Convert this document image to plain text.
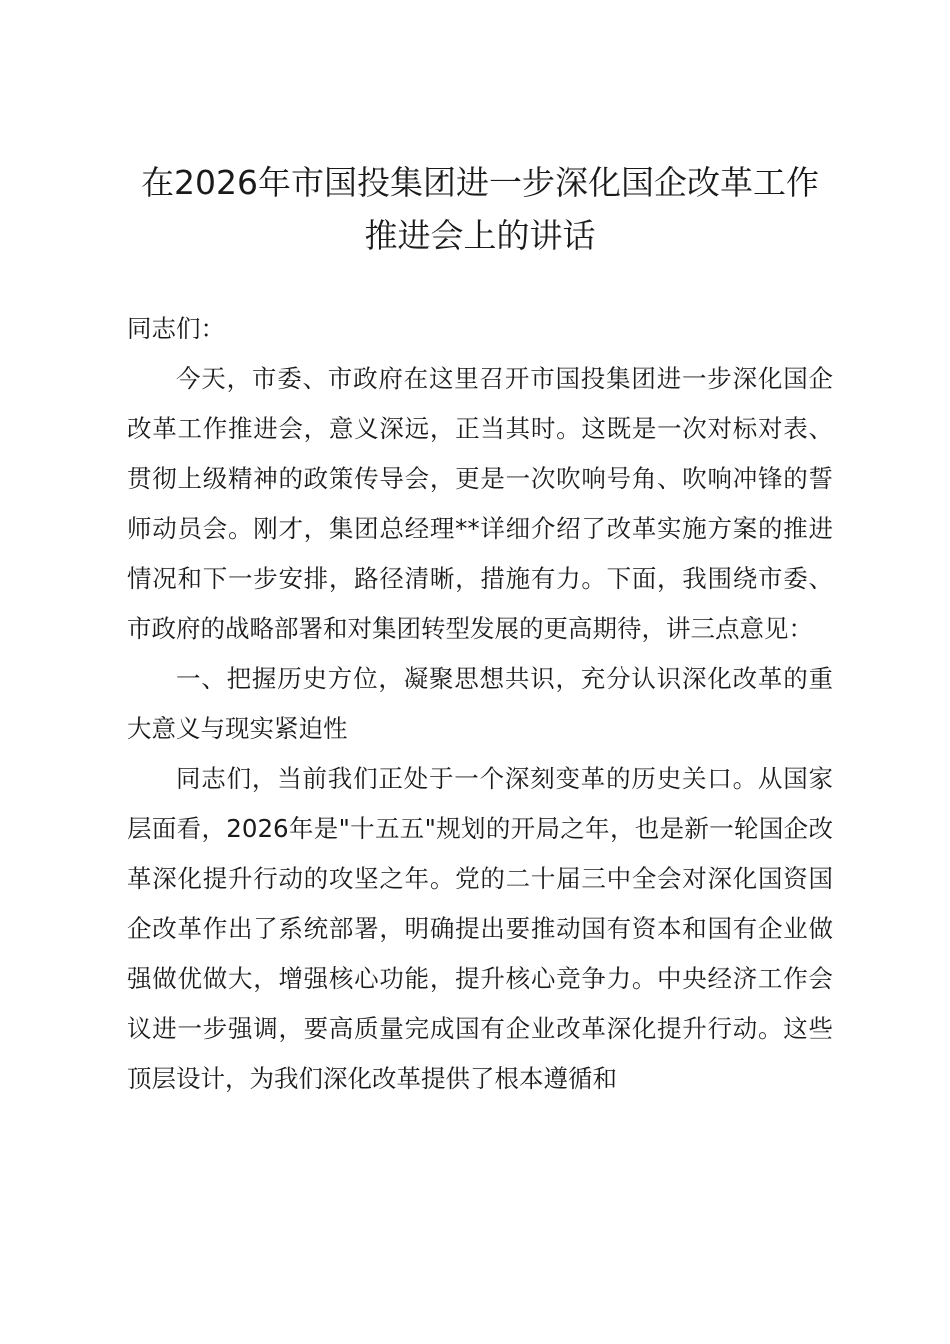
在2026年市国投集团进一步深化国企改革工作推进会上的讲话

同志们：

今天，市委、市政府在这里召开市国投集团进一步深化国企改革工作推进会，意义深远，正当其时。这既是一次对标对表、贯彻上级精神的政策传导会，更是一次吹响号角、吹响冲锋的誓师动员会。刚才，集团总经理**详细介绍了改革实施方案的推进情况和下一步安排，路径清晰，措施有力。下面，我围绕市委、市政府的战略部署和对集团转型发展的更高期待，讲三点意见：

一、把握历史方位，凝聚思想共识，充分认识深化改革的重大意义与现实紧迫性

同志们，当前我们正处于一个深刻变革的历史关口。从国家层面看，2026年是"十五五"规划的开局之年，也是新一轮国企改革深化提升行动的攻坚之年。党的二十届三中全会对深化国资国企改革作出了系统部署，明确提出要推动国有资本和国有企业做强做优做大，增强核心功能，提升核心竞争力。中央经济工作会议进一步强调，要高质量完成国有企业改革深化提升行动。这些顶层设计，为我们深化改革提供了根本遵循和
